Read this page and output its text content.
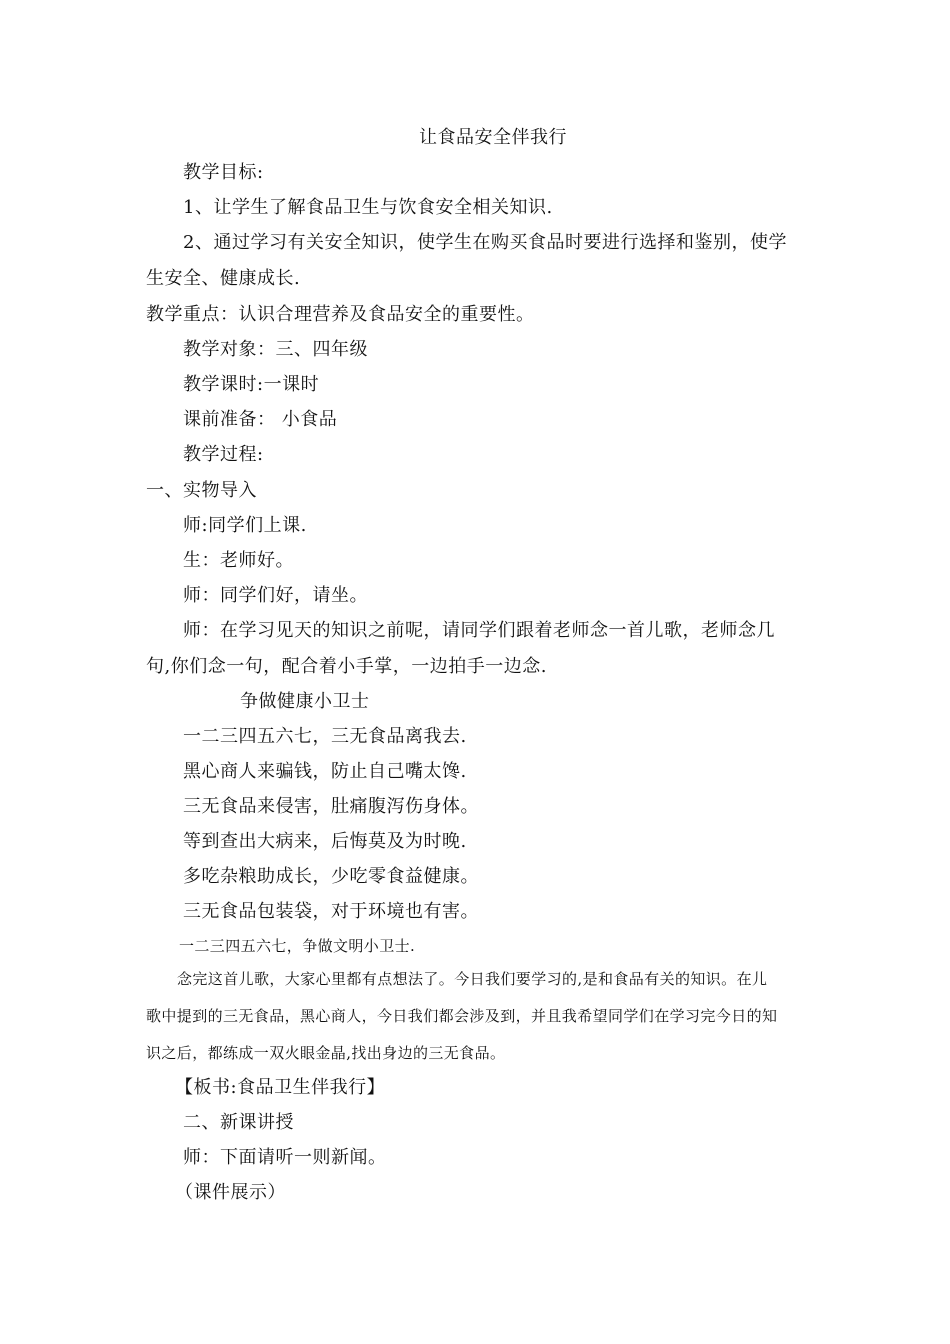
让食品安全伴我行
教学目标:
1、让学生了解食品卫生与饮食安全相关知识.
2、通过学习有关安全知识，使学生在购买食品时要进行选择和鉴别，使学
生安全、健康成长.
教学重点：认识合理营养及食品安全的重要性。
教学对象：三、四年级
教学课时:一课时
课前准备： 小食品
教学过程:
一、实物导入
师:同学们上课.
生：老师好。
师：同学们好，请坐。
师：在学习见天的知识之前呢，请同学们跟着老师念一首儿歌，老师念几
句,你们念一句，配合着小手掌，一边拍手一边念.
争做健康小卫士
一二三四五六七，三无食品离我去.
黑心商人来骗钱，防止自己嘴太馋.
三无食品来侵害，肚痛腹泻伤身体。
等到查出大病来，后悔莫及为时晚.
多吃杂粮助成长，少吃零食益健康。
三无食品包装袋，对于环境也有害。
一二三四五六七，争做文明小卫士.
念完这首儿歌，大家心里都有点想法了。今日我们要学习的,是和食品有关的知识。在儿
歌中提到的三无食品，黑心商人，今日我们都会涉及到，并且我希望同学们在学习完今日的知
识之后，都练成一双火眼金晶,找出身边的三无食品。
【板书:食品卫生伴我行】
二、新课讲授
师：下面请听一则新闻。
（课件展示）
